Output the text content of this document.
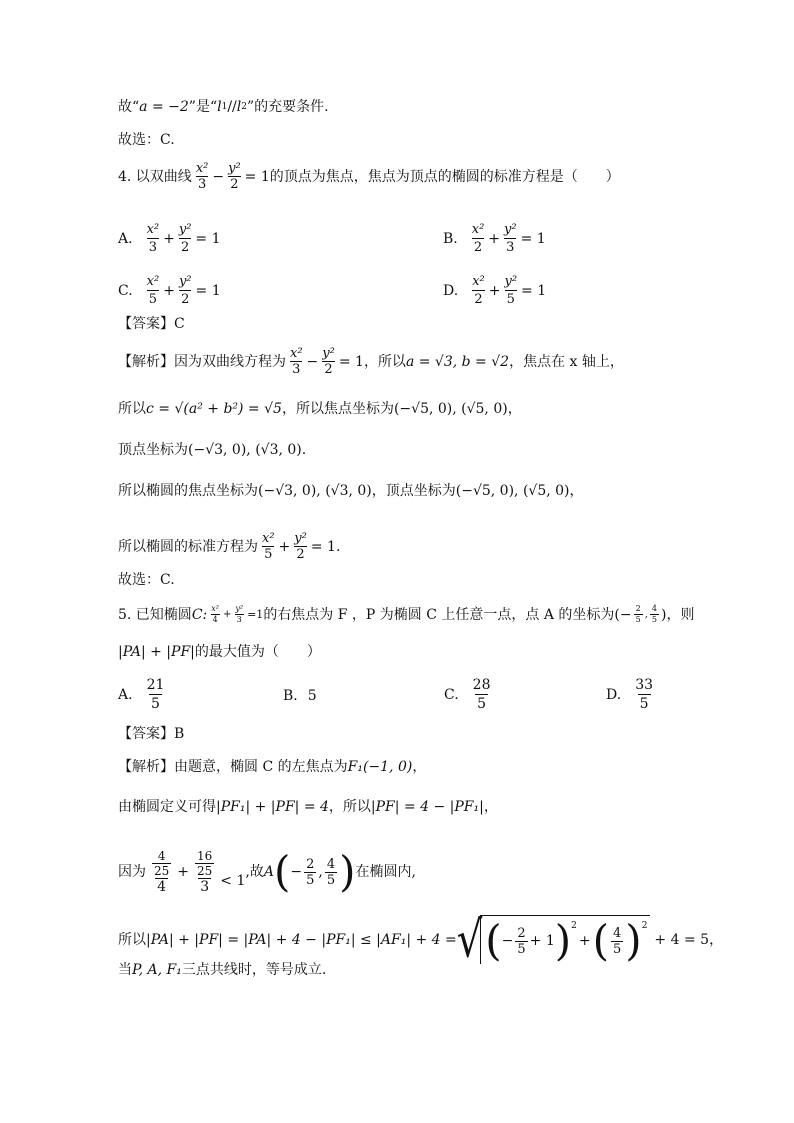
故“ a = −2 ”是“ l 1 // l 2 ”的充要条件.
故选：C.
4. 以双曲线 $\frac{\text{x²}}{3} - \frac{\text{y²}}{2} = 1$ 的顶点为焦点，焦点为顶点的椭圆的标准方程是（　　）
A. $\frac{\text{x²}}{3} + \frac{\text{y²}}{2} = 1$	B. $\frac{\text{x²}}{2} + \frac{\text{y²}}{3} = 1$
C. $\frac{\text{x²}}{5} + \frac{\text{y²}}{2} = 1$	D. $\frac{\text{x²}}{2} + \frac{\text{y²}}{5} = 1$
【答案】C
【解析】因为双曲线方程为 $\frac{\text{x²}}{3} - \frac{\text{y²}}{2} = 1$ ，所以 a = √3, b = √2 ，焦点在 x 轴上，
所以 c = √(a² + b²) = √5 ，所以焦点坐标为 (−√5, 0), (√5, 0) ，
顶点坐标为 (−√3, 0), (√3, 0).
所以椭圆的焦点坐标为 (−√3, 0), (√3, 0) ，顶点坐标为 (−√5, 0), (√5, 0) ，
所以椭圆的标准方程为 $\frac{\text{x²}}{5} + \frac{\text{y²}}{2} = 1$ .
故选：C.
5. 已知椭圆 C: $\frac{\text{x²}}{4} + \frac{\text{y²}}{3} =1$ 的右焦点为 F ，P 为椭圆 C 上任意一点，点 A 的坐标为 (− $\frac{2}{5}$ , $\frac{4}{5}$ ) ，则
|PA| + |PF| 的最大值为（　　）
A. $\frac{21}{5}$	B. 5	C. $\frac{28}{5}$	D. $\frac{33}{5}$
【答案】B
【解析】由题意，椭圆 C 的左焦点为 F₁(−1, 0) ，
由椭圆定义可得 |PF₁| + |PF| = 4 ，所以 |PF| = 4 − |PF₁| ，
因为 $\frac{\frac{4}{25}}{4} + \frac{\frac{16}{25}}{3} < 1$
,故 A ( − $\frac{2}{5}$ , $\frac{4}{5}$ ) 在椭圆内,
所以 |PA| + |PF| = |PA| + 4 − |PF₁| ≤ |AF₁| + 4 = √ ( − $\frac{2}{5} + 1$ ) 2
+ ( $\frac{4}{5}$ ) 2
+ 4 = 5 ，
当 P, A, F₁ 三点共线时，等号成立.
